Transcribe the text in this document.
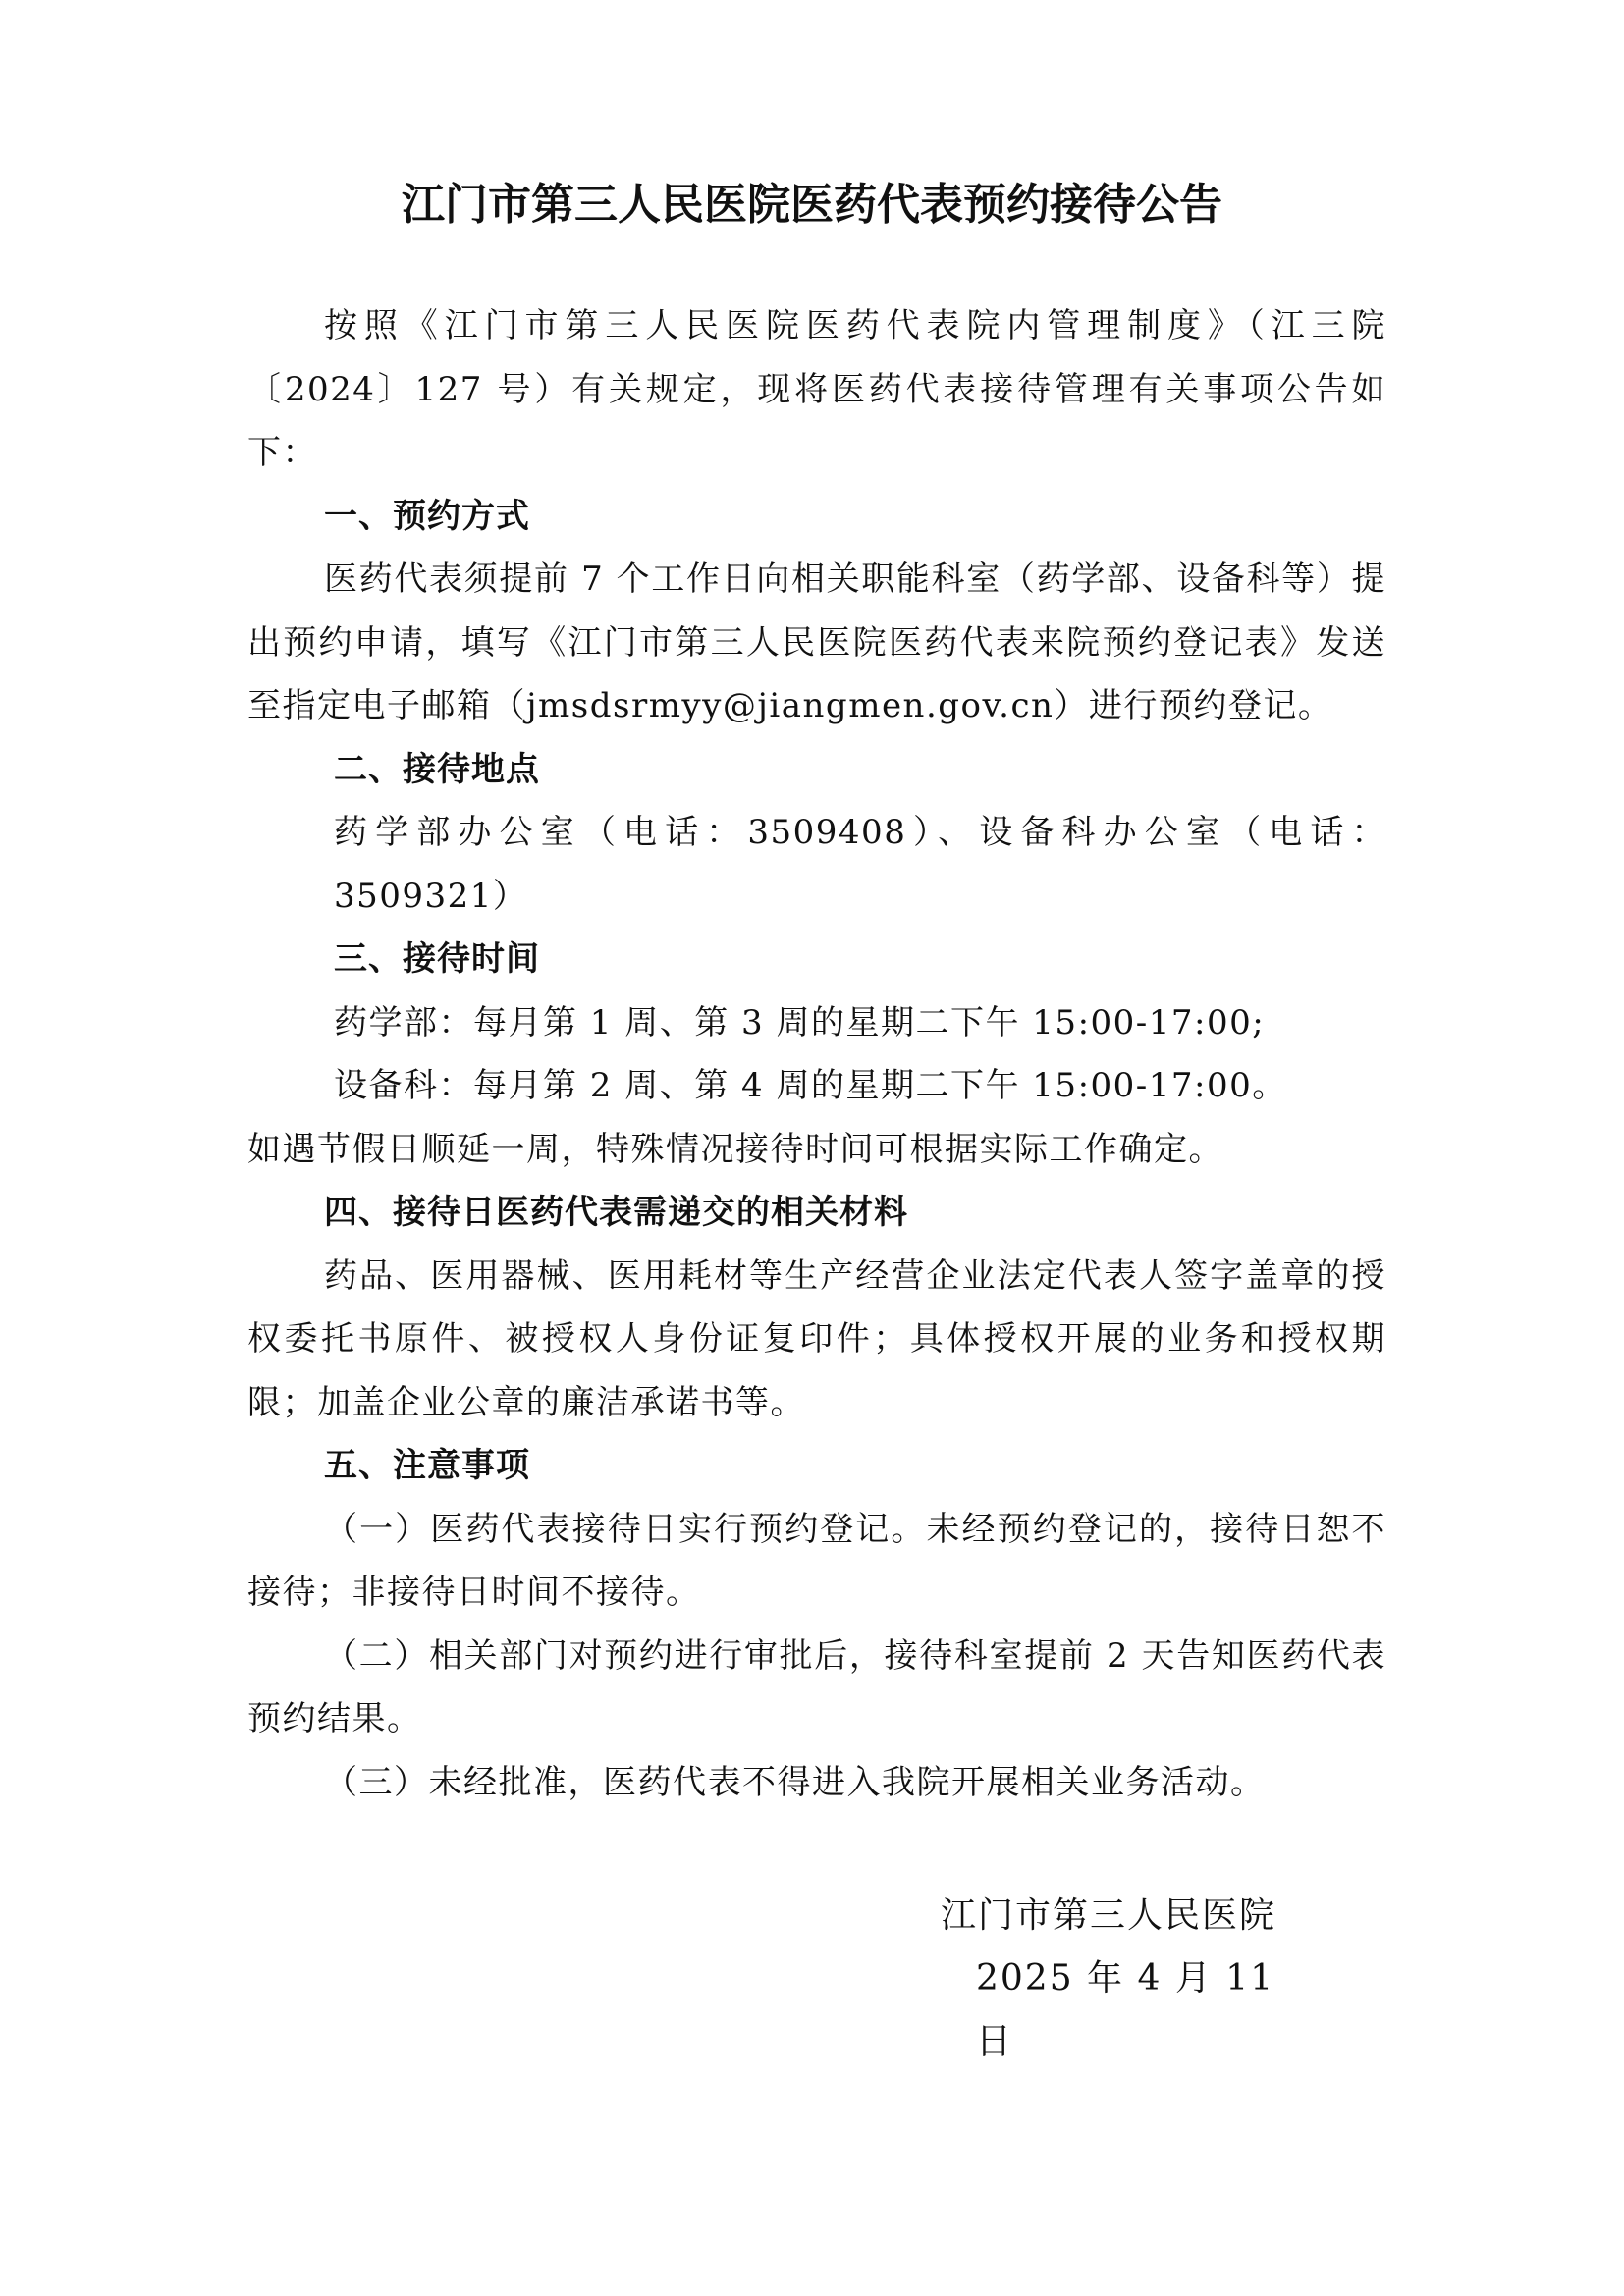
江门市第三人民医院医药代表预约接待公告

按照《江门市第三人民医院医药代表院内管理制度》（江三院〔2024〕127 号）有关规定，现将医药代表接待管理有关事项公告如下：

一、预约方式

医药代表须提前 7 个工作日向相关职能科室（药学部、设备科等）提出预约申请，填写《江门市第三人民医院医药代表来院预约登记表》发送至指定电子邮箱（jmsdsrmyy@jiangmen.gov.cn）进行预约登记。

二、接待地点

药学部办公室（电话：3509408）、设备科办公室（电话：3509321）

三、接待时间

药学部：每月第 1 周、第 3 周的星期二下午 15:00-17:00;

设备科：每月第 2 周、第 4 周的星期二下午 15:00-17:00。

如遇节假日顺延一周，特殊情况接待时间可根据实际工作确定。

四、接待日医药代表需递交的相关材料

药品、医用器械、医用耗材等生产经营企业法定代表人签字盖章的授权委托书原件、被授权人身份证复印件；具体授权开展的业务和授权期限；加盖企业公章的廉洁承诺书等。

五、注意事项

（一）医药代表接待日实行预约登记。未经预约登记的，接待日恕不接待；非接待日时间不接待。

（二）相关部门对预约进行审批后，接待科室提前 2 天告知医药代表预约结果。

（三）未经批准，医药代表不得进入我院开展相关业务活动。

江门市第三人民医院
2025 年 4 月 11 日
